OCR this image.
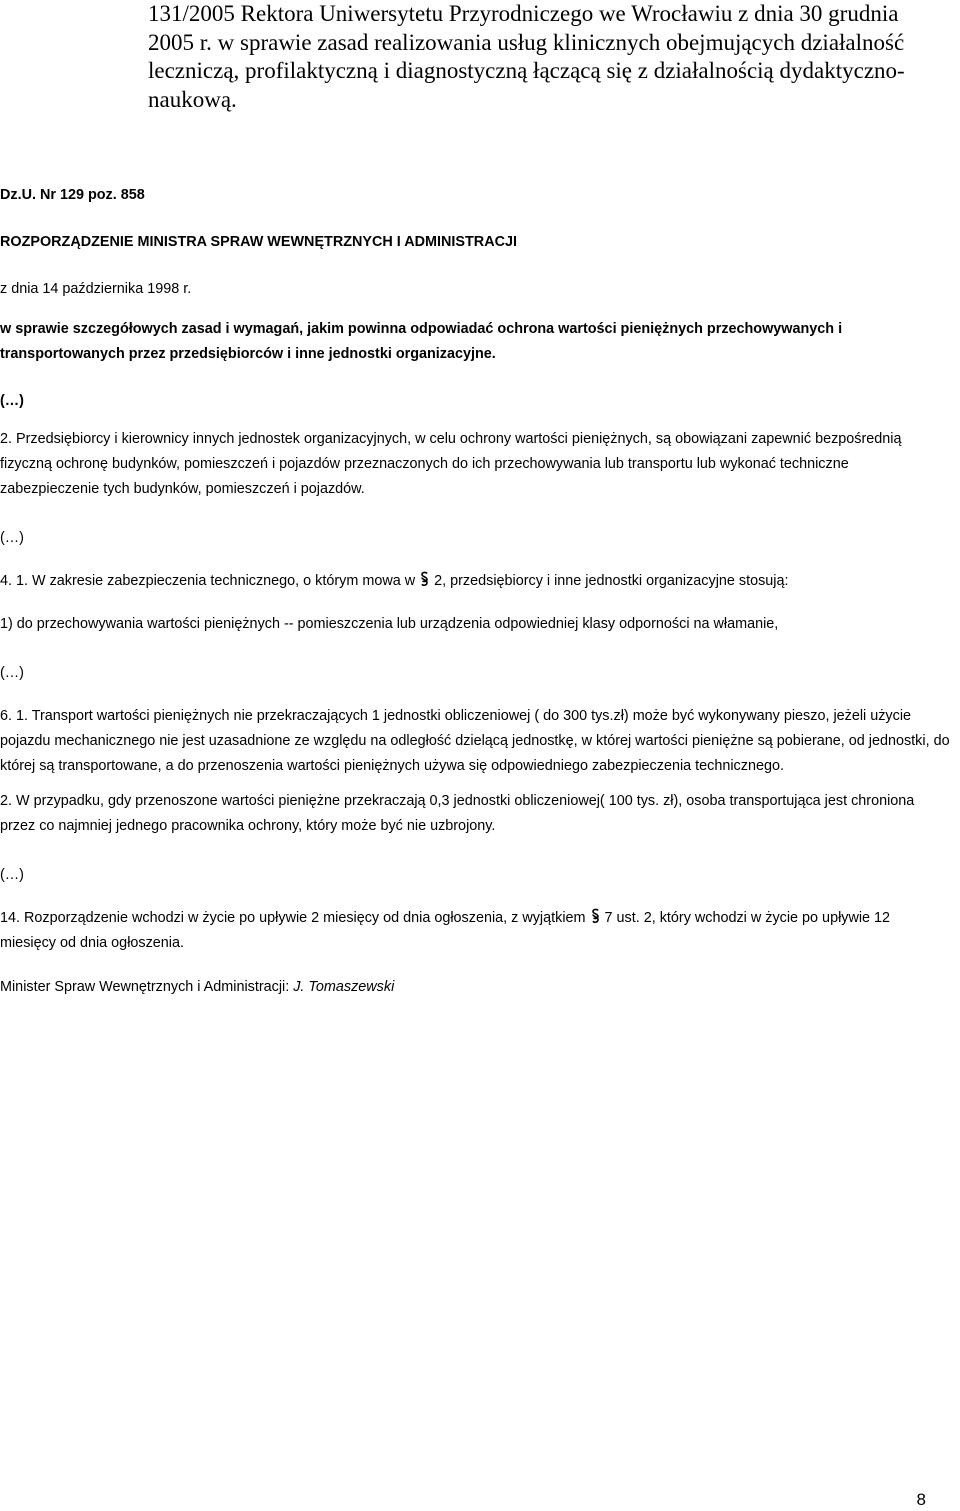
131/2005 Rektora Uniwersytetu Przyrodniczego we Wrocławiu z dnia 30 grudnia 2005 r. w sprawie zasad realizowania usług klinicznych obejmujących działalność leczniczą, profilaktyczną i diagnostyczną łączącą się z działalnością dydaktyczno-naukową.

Dz.U. Nr 129 poz. 858

ROZPORZĄDZENIE MINISTRA SPRAW WEWNĘTRZNYCH I ADMINISTRACJI

z dnia 14 października 1998 r.

w sprawie szczegółowych zasad i wymagań, jakim powinna odpowiadać ochrona wartości pieniężnych przechowywanych i transportowanych przez przedsiębiorców i inne jednostki organizacyjne.

(…)

2. Przedsiębiorcy i kierownicy innych jednostek organizacyjnych, w celu ochrony wartości pieniężnych, są obowiązani zapewnić bezpośrednią fizyczną ochronę budynków, pomieszczeń i pojazdów przeznaczonych do ich przechowywania lub transportu lub wykonać techniczne zabezpieczenie tych budynków, pomieszczeń i pojazdów.

(…)

4. 1. W zakresie zabezpieczenia technicznego, o którym mowa w  2, przedsiębiorcy i inne jednostki organizacyjne stosują:

1) do przechowywania wartości pieniężnych -- pomieszczenia lub urządzenia odpowiedniej klasy odporności na włamanie,

(…)

6. 1. Transport wartości pieniężnych nie przekraczających 1 jednostki obliczeniowej ( do 300 tys.zł) może być wykonywany pieszo, jeżeli użycie pojazdu mechanicznego nie jest uzasadnione ze względu na odległość dzielącą jednostkę, w której wartości pieniężne są pobierane, od jednostki, do której są transportowane, a do przenoszenia wartości pieniężnych używa się odpowiedniego zabezpieczenia technicznego.

2. W przypadku, gdy przenoszone wartości pieniężne przekraczają 0,3 jednostki obliczeniowej( 100 tys. zł), osoba transportująca jest chroniona przez co najmniej jednego pracownika ochrony, który może być nie uzbrojony.

(…)

14. Rozporządzenie wchodzi w życie po upływie 2 miesięcy od dnia ogłoszenia, z wyjątkiem  7 ust. 2, który wchodzi w życie po upływie 12 miesięcy od dnia ogłoszenia.

Minister Spraw Wewnętrznych i Administracji: J. Tomaszewski

8
